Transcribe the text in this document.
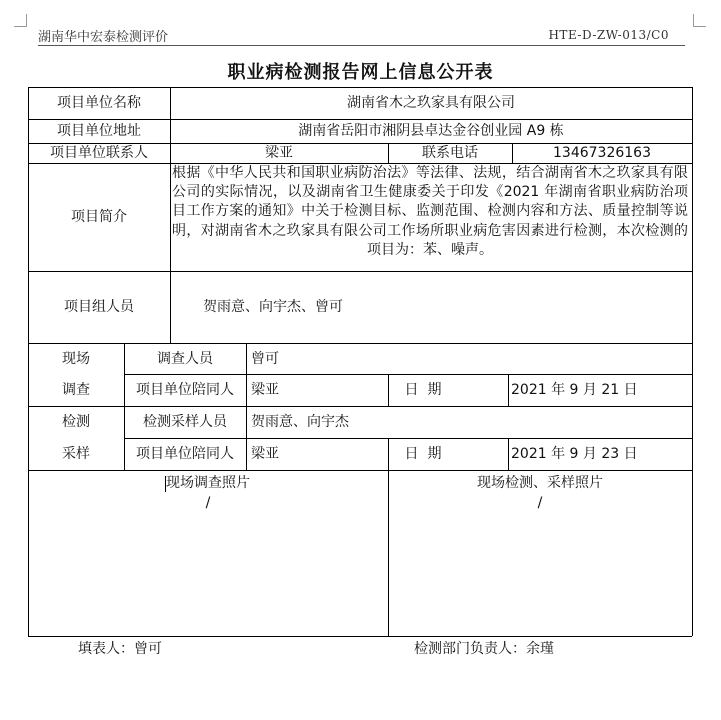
湖南华中宏泰检测评价	HTE-D-ZW-013/C0
职业病检测报告网上信息公开表
项目单位名称	湖南省木之玖家具有限公司
项目单位地址	湖南省岳阳市湘阴县卓达金谷创业园 A9 栋
项目单位联系人	梁亚	联系电话	13467326163
项目简介
根据《中华人民共和国职业病防治法》等法律、法规，结合湖南省木之玖家具有限公司的实际情况，以及湖南省卫生健康委关于印发《2021 年湖南省职业病防治项目工作方案的通知》中关于检测目标、监测范围、检测内容和方法、质量控制等说明，对湖南省木之玖家具有限公司工作场所职业病危害因素进行检测，本次检测的项目为：苯、噪声。
项目组人员	贺雨意、向宇杰、曾可
现场
调查
调查人员	曾可
项目单位陪同人	梁亚	日  期	2021 年 9 月 21 日
检测
采样
检测采样人员	贺雨意、向宇杰
项目单位陪同人	梁亚	日  期	2021 年 9 月 23 日
现场调查照片
/
现场检测、采样照片
/
填表人：曾可	检测部门负责人：余瑾
